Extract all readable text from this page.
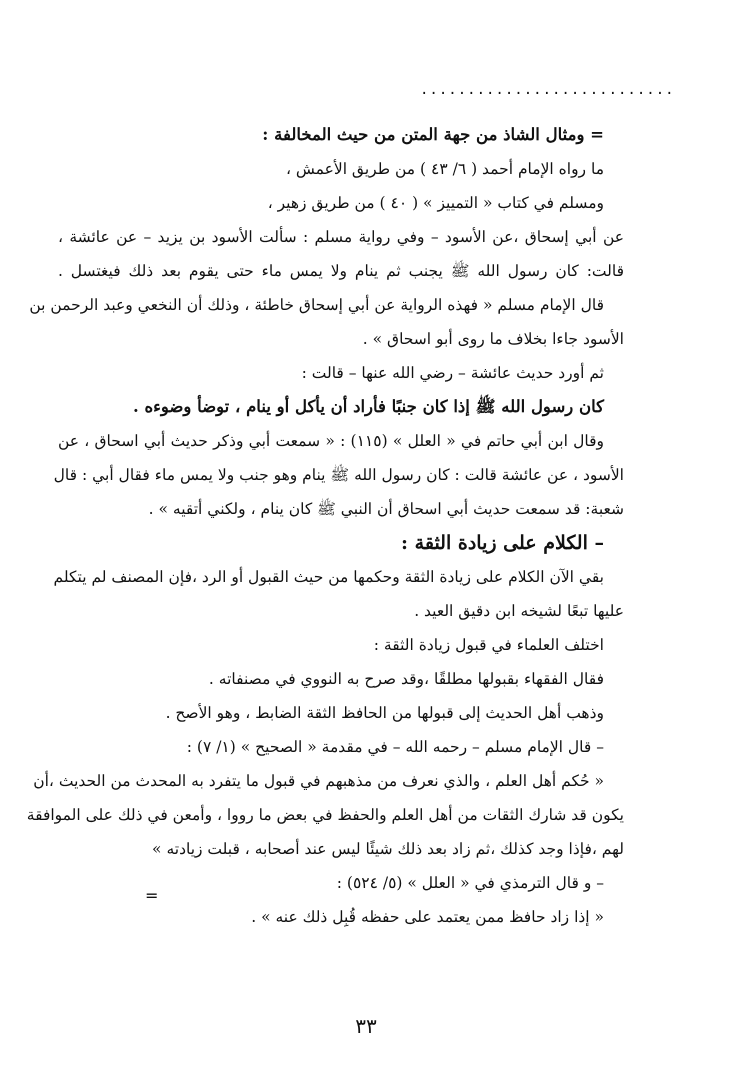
...........................
= ومثال الشاذ من جهة المتن من حيث المخالفة :
ما رواه الإمام أحمد ( ٦/ ٤٣ ) من طريق الأعمش ،
ومسلم في كتاب « التمييز » ( ٤٠ ) من طريق زهير ،
عن أبي إسحاق ،عن الأسود – وفي رواية مسلم : سألت الأسود بن يزيد – عن عائشة ،
قالت: كان رسول الله ﷺ يجنب ثم ينام ولا يمس ماء حتى يقوم بعد ذلك فيغتسل .
قال الإمام مسلم « فهذه الرواية عن أبي إسحاق خاطئة ، وذلك أن النخعي وعبد الرحمن بن
الأسود جاءا بخلاف ما روى أبو اسحاق » .
ثم أورد حديث عائشة – رضي الله عنها – قالت :
كان رسول الله ﷺ إذا كان جنبًا فأراد أن يأكل أو ينام ، توضأ وضوءه .
وقال ابن أبي حاتم في « العلل » (١١٥) : « سمعت أبي وذكر حديث أبي اسحاق ، عن
الأسود ، عن عائشة قالت : كان رسول الله ﷺ ينام وهو جنب ولا يمس ماء فقال أبي : قال
شعبة: قد سمعت حديث أبي اسحاق أن النبي ﷺ كان ينام ، ولكني أتقيه » .
– الكلام على زيادة الثقة :
بقي الآن الكلام على زيادة الثقة وحكمها من حيث القبول أو الرد ،فإن المصنف لم يتكلم
عليها تبعًا لشيخه ابن دقيق العيد .
اختلف العلماء في قبول زيادة الثقة :
فقال الفقهاء بقبولها مطلقًا ،وقد صرح به النووي في مصنفاته .
وذهب أهل الحديث إلى قبولها من الحافظ الثقة الضابط ، وهو الأصح .
– قال الإمام مسلم – رحمه الله – في مقدمة « الصحيح » (١/ ٧) :
« حُكم أهل العلم ، والذي نعرف من مذهبهم في قبول ما يتفرد به المحدث من الحديث ،أن
يكون قد شارك الثقات من أهل العلم والحفظ في بعض ما رووا ، وأمعن في ذلك على الموافقة
لهم ،فإذا وجد كذلك ،ثم زاد بعد ذلك شيئًا ليس عند أصحابه ، قبلت زيادته »
– و قال الترمذي في « العلل » (٥/ ٥٢٤) :
« إذا زاد حافظ ممن يعتمد على حفظه قُبِل ذلك عنه » .
=
٣٣
